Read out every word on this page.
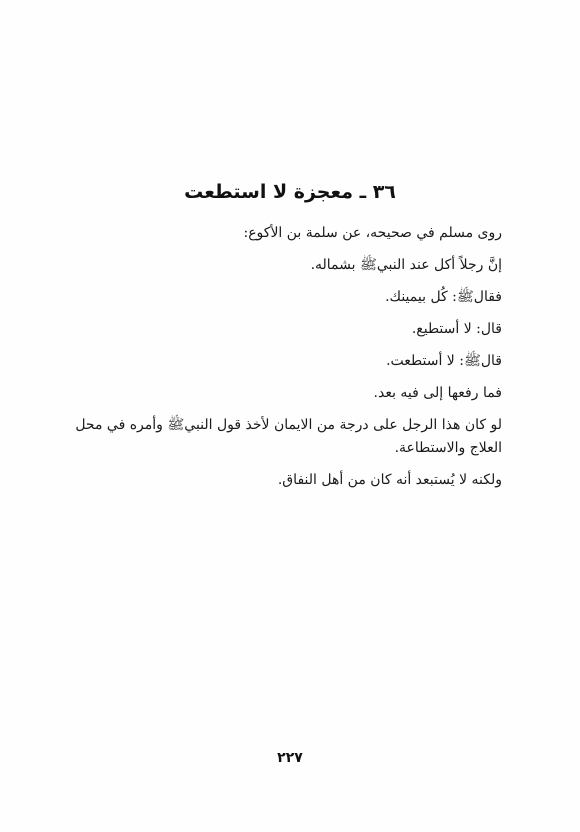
٣٦ ـ معجزة لا استطعت

روى مسلم في صحيحه، عن سلمة بن الأكوع:

إنَّ رجلاً أكل عند النبيﷺ بشماله.

فقالﷺ: كُل بيمينك.

قال: لا أستطيع.

قالﷺ: لا أستطعت.

فما رفعها إلى فيه بعد.

لو كان هذا الرجل على درجة من الايمان لأخذ قول النبيﷺ وأمره في محل العلاج والاستطاعة.

ولكنه لا يُستبعد أنه كان من أهل النفاق.

٢٢٧
